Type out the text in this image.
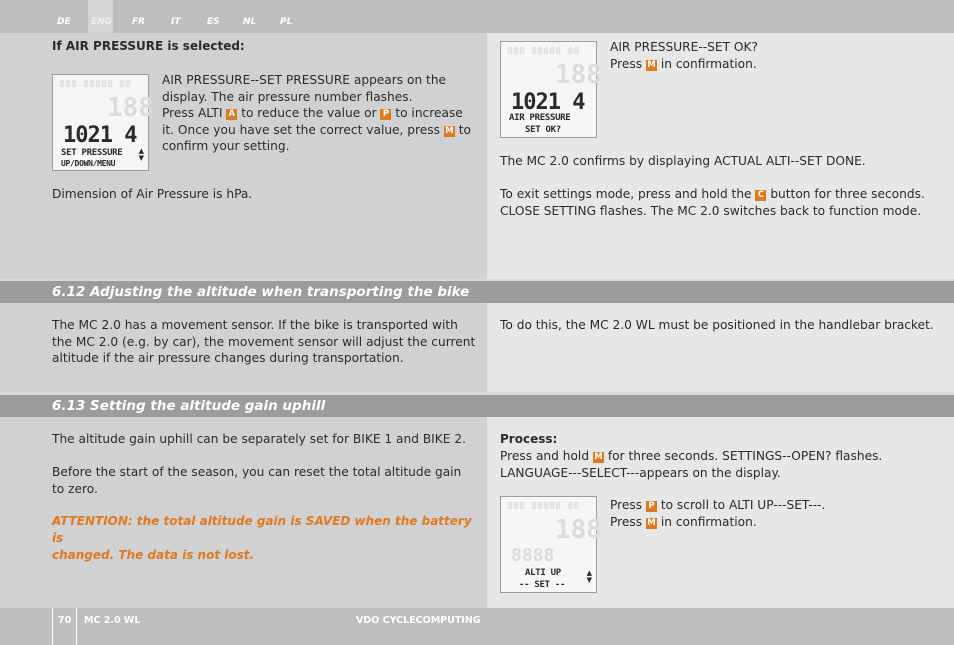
DE ENG FR	IT	ES	NL	PL
If AIR PRESSURE is selected:
888 88888 88
188
1021 4
SET PRESSURE
UP/DOWN/MENU
▲
▼
AIR PRESSURE--SET PRESSURE appears on the
display. The air pressure number flashes.
Press ALTI A to reduce the value or P to increase
it. Once you have set the correct value, press M to
confirm your setting.
Dimension of Air Pressure is hPa.
888 88888 88
188
1021 4
AIR PRESSURE
SET OK?
AIR PRESSURE--SET OK?
Press M in confirmation.
The MC 2.0 confirms by displaying ACTUAL ALTI--SET DONE.
To exit settings mode, press and hold the C button for three seconds.
CLOSE SETTING flashes. The MC 2.0 switches back to function mode.
6.12 Adjusting the altitude when transporting the bike
The MC 2.0 has a movement sensor. If the bike is transported with
the MC 2.0 (e.g. by car), the movement sensor will adjust the current
altitude if the air pressure changes during transportation.
To do this, the MC 2.0 WL must be positioned in the handlebar bracket.
6.13 Setting the altitude gain uphill
The altitude gain uphill can be separately set for BIKE 1 and BIKE 2.
Before the start of the season, you can reset the total altitude gain
to zero.
ATTENTION: the total altitude gain is SAVED when the battery is
changed. The data is not lost.
Process:
Press and hold M for three seconds. SETTINGS--OPEN? flashes.
LANGUAGE---SELECT---appears on the display.
888 88888 88
188
8888
ALTI UP
-- SET --
▲
▼
Press P to scroll to ALTI UP---SET---.
Press M in confirmation.
70 MC 2.0 WL	VDO CYCLECOMPUTING
